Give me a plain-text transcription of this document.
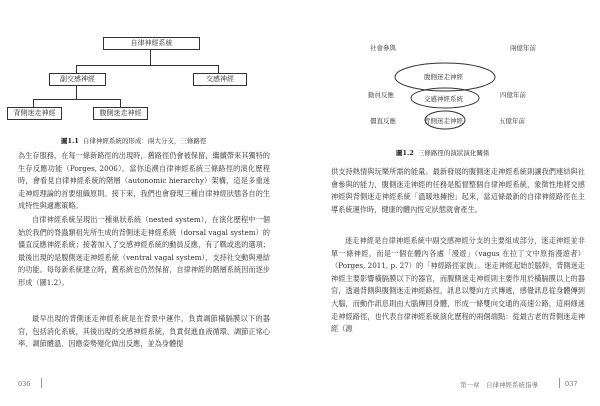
自律神經系統
副交感神經	交感神經
背側迷走神經	腹側迷走神經
圖1.1 自律神經系統的形成：兩大分支，三條路徑
腹側迷走神經
交感神經系統
背側迷走神經
社會參與
動員反應
僵直反應
兩億年前
四億年前
五億年前
圖1.2 三條路徑的演狀演化關係

為生存服務，在每一條新路徑的出現時，舊路徑仍會被保留，繼續帶來其獨特的生存反應功能（Porges, 2006）。當你追溯自律神經系統三條路徑的演化歷程時，會看見自律神經系統的階層（autonomic hierarchy）架構，這是多重迷走神經理論的首要組織原則。接下來，我們也會發現三種自律神經狀態各自的生成特性與適應策略。

自律神經系統呈現出一種巢狀系統（nested system），在演化歷程中一個始於我們的脊蟲類祖先所生成的背側迷走神經系統（dorsal vagal system）的僵直反應神經系統；接著加入了交感神經系統的動員反應，有了戰或逃的選項；最後出現的是腹側迷走神經系統（ventral vagal system），支持社交動與連結的功能。每每新系統建立時，舊系統也仍然保留，自律神經的階層系統因而逐步形成（圖1.2）。

最早出現的背側迷走神經系統是在背景中運作，負責調節橫膈膜以下的器官，包括消化系統，其後出現的交感神經系統，負責促進血液循環、調節正常心率、調節體溫、因應姿勢變化做出反應，並為身體提

供支持熱情與玩樂所需的能量。最新發展的腹側迷走神經系統則讓我們連結與社會參與的能力，腹側迷走神經的任務是監督整個自律神經系統，象徵性地將交感神經與背側迷走神經系統「溫暖地擁抱」起來，當這條最新的自律神經路徑在主導系統運作時，健康的體內恆定狀態就會產生。

迷走神經是自律神經系統中副交感神經分支的主要組成部分，迷走神經並非單一條神經，而是一個在體內各處「漫遊」（vagus 在拉丁文中原指漫遊者）（Porges, 2011, p. 27）的「神經路徑家族」。迷走神經起始於腦幹，背側迷走神經主要影響橫膈膜以下的器官，而腹側迷走神經則主要作用於橫膈膜以上的器官，透過背側與腹側迷走神經路徑，訊息以雙向方式傳遞，感覺訊息從身體傳到大腦，而動作訊息則由大腦傳回身體，形成一條雙向交通的高速公路，這兩條迷走神經路徑，也代表自律神經系統演化歷程的兩個端點：從最古老的背側迷走神經（源

036	第一章　自律神經系統指導	037
